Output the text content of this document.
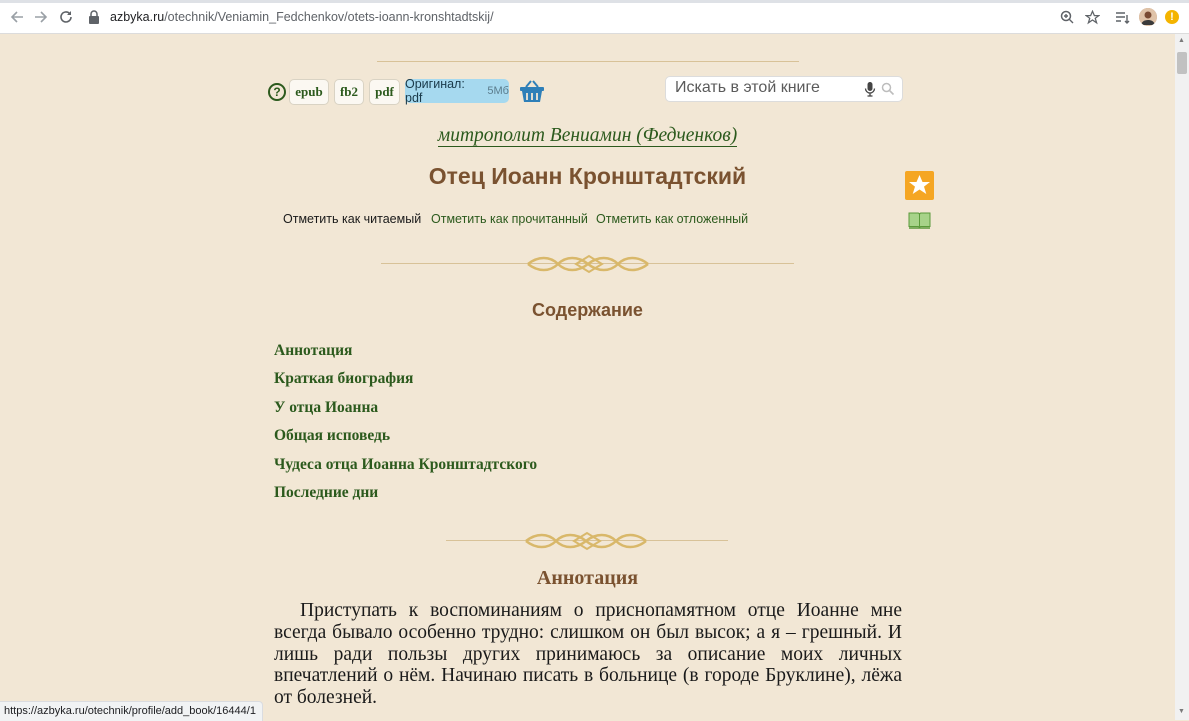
azbyka.ru /otechnik/Veniamin_Fedchenkov/otets-ioann-kronshtadtskij/	!
?	epub	fb2	pdf Оригинал: pdf	5Мб
Искать в этой книге
митрополит Вениамин (Федченков)
Отец Иоанн Кронштадтский
Отметить как читаемый Отметить как прочитанный Отметить как отложенный
Содержание
Аннотация
Краткая биография
У отца Иоанна
Общая исповедь
Чудеса отца Иоанна Кронштадтского
Последние дни
Аннотация
Приступать к воспоминаниям о приснопамятном отце Иоанне мне всегда бывало особенно трудно: слишком он был высок; а я – грешный. И лишь ради пользы других принимаюсь за описание моих личных впечатлений о нём. Начинаю писать в больнице (в городе Бруклине), лёжа от болезней.
▲
▼
https://azbyka.ru/otechnik/profile/add_book/16444/1
